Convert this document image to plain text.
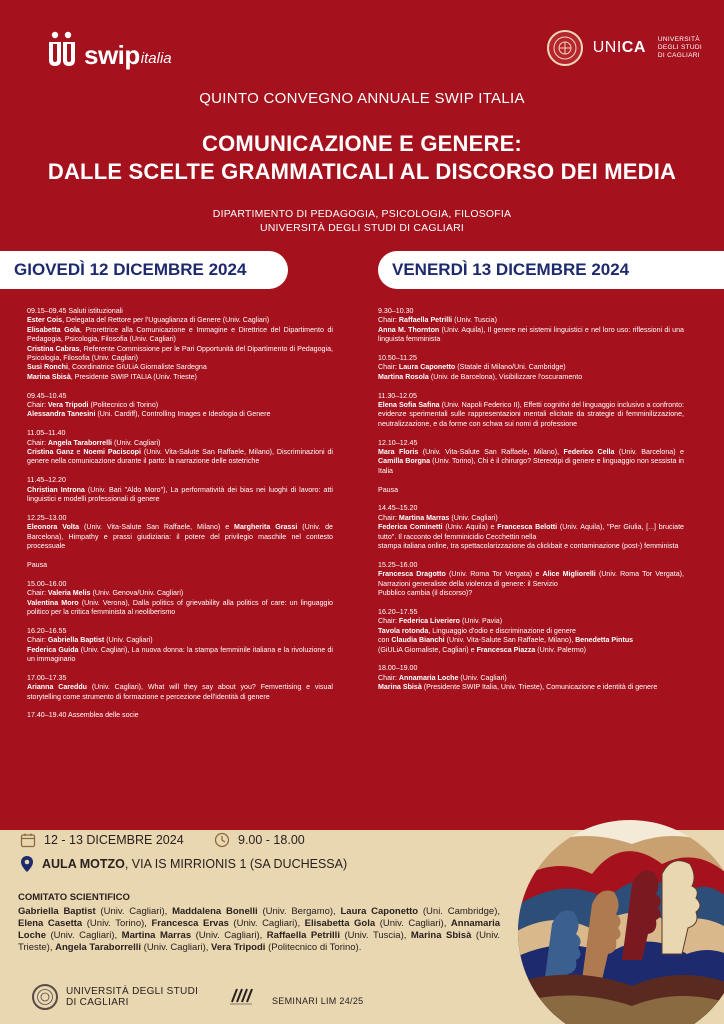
swip italia
UNICA UNIVERSITÀ
DEGLI STUDI
DI CAGLIARI
QUINTO CONVEGNO ANNUALE SWIP ITALIA
COMUNICAZIONE E GENERE:
DALLE SCELTE GRAMMATICALI AL DISCORSO DEI MEDIA
DIPARTIMENTO DI PEDAGOGIA, PSICOLOGIA, FILOSOFIA
UNIVERSITÀ DEGLI STUDI DI CAGLIARI
GIOVEDÌ 12 DICEMBRE 2024	VENERDÌ 13 DICEMBRE 2024

09.15–09.45 Saluti istituzionali

Ester Cois, Delegata del Rettore per l'Uguaglianza di Genere (Univ. Cagliari)

Elisabetta Gola, Prorettrice alla Comunicazione e Immagine e Direttrice del Dipartimento di Pedagogia, Psicologia, Filosofia (Univ. Cagliari)

Cristina Cabras, Referente Commissione per le Pari Opportunità del Dipartimento di Pedagogia, Psicologia, Filosofia (Univ. Cagliari)

Susi Ronchi, Coordinatrice GiULiA Giornaliste Sardegna

Marina Sbisà, Presidente SWIP ITALIA (Univ. Trieste)

09.45–10.45

Chair: Vera Tripodi (Politecnico di Torino)

Alessandra Tanesini (Uni. Cardiff), Controlling Images e Ideologia di Genere

11.05–11.40

Chair: Angela Taraborrelli (Univ. Cagliari)

Cristina Ganz e Noemi Paciscopi (Univ. Vita-Salute San Raffaele, Milano), Discriminazioni di genere nella comunicazione durante il parto: la narrazione delle ostetriche

11.45–12.20

Christian Introna (Univ. Bari "Aldo Moro"), La performatività dei bias nei luoghi di lavoro: atti linguistici e modelli professionali di genere

12.25–13.00

Eleonora Volta (Univ. Vita-Salute San Raffaele, Milano) e Margherita Grassi (Univ. de Barcelona), Himpathy e prassi giudiziaria: il potere del privilegio maschile nel contesto processuale

Pausa

15.00–16.00

Chair: Valeria Melis (Univ. Genova/Univ. Cagliari)

Valentina Moro (Univ. Verona), Dalla politics of grievability alla politics of care: un linguaggio politico per la critica femminista al neoliberismo

16.20–16.55

Chair: Gabriella Baptist (Univ. Cagliari)

Federica Guida (Univ. Cagliari), La nuova donna: la stampa femminile italiana e la rivoluzione di un immaginario

17.00–17.35

Arianna Careddu (Univ. Cagliari), What will they say about you? Femvertising e visual storytelling come strumento di formazione e percezione dell'identità di genere

17.40–19.40 Assemblea delle socie

9.30–10.30

Chair: Raffaella Petrilli (Univ. Tuscia)

Anna M. Thornton (Univ. Aquila), Il genere nei sistemi linguistici e nel loro uso: riflessioni di una linguista femminista

10.50–11.25

Chair: Laura Caponetto (Statale di Milano/Uni. Cambridge)

Martina Rosola (Univ. de Barcelona), Visibilizzare l'oscuramento

11.30–12.05

Elena Sofia Safina (Univ. Napoli Federico II), Effetti cognitivi del linguaggio inclusivo a confronto: evidenze sperimentali sulle rappresentazioni mentali elicitate da strategie di femminilizzazione, neutralizzazione, e da forme con schwa sui nomi di professione

12.10–12.45

Mara Floris (Univ. Vita-Salute San Raffaele, Milano), Federico Cella (Univ. Barcelona) e Camilla Borgna (Univ. Torino), Chi è il chirurgo? Stereotipi di genere e linguaggio non sessista in Italia

Pausa

14.45–15.20

Chair: Martina Marras (Univ. Cagliari)

Federica Cominetti (Univ. Aquila) e Francesca Belotti (Univ. Aquila), "Per Giulia, [...] bruciate tutto". Il racconto del femminicidio Cecchettin nella

stampa italiana online, tra spettacolarizzazione da clickbait e contaminazione (post-) femminista

15.25–16.00

Francesca Dragotto (Univ. Roma Tor Vergata) e Alice Migliorelli (Univ. Roma Tor Vergata), Narrazioni generaliste della violenza di genere: il Servizio

Pubblico cambia (il discorso)?

16.20–17.55

Chair: Federica Liveriero (Univ. Pavia)

Tavola rotonda, Linguaggio d'odio e discriminazione di genere

con Claudia Bianchi (Univ. Vita-Salute San Raffaele, Milano), Benedetta Pintus

(GiULiA Giornaliste, Cagliari) e Francesca Piazza (Univ. Palermo)

18.00–19.00

Chair: Annamaria Loche (Univ. Cagliari)

Marina Sbisà (Presidente SWIP Italia, Univ. Trieste), Comunicazione e identità di genere

12 - 13 DICEMBRE 2024	9.00 - 18.00
AULA MOTZO, VIA IS MIRRIONIS 1 (SA DUCHESSA)
COMITATO SCIENTIFICO
Gabriella Baptist (Univ. Cagliari), Maddalena Bonelli (Univ. Bergamo), Laura Caponetto (Uni. Cambridge), Elena Casetta (Univ. Torino), Francesca Ervas (Univ. Cagliari), Elisabetta Gola (Univ. Cagliari), Annamaria Loche (Univ. Cagliari), Martina Marras (Univ. Cagliari), Raffaella Petrilli (Univ. Tuscia), Marina Sbisà (Univ. Trieste), Angela Taraborrelli (Univ. Cagliari), Vera Tripodi (Politecnico di Torino).
UNIVERSITÀ DEGLI STUDI
DI CAGLIARI	SEMINARI LIM 24/25
